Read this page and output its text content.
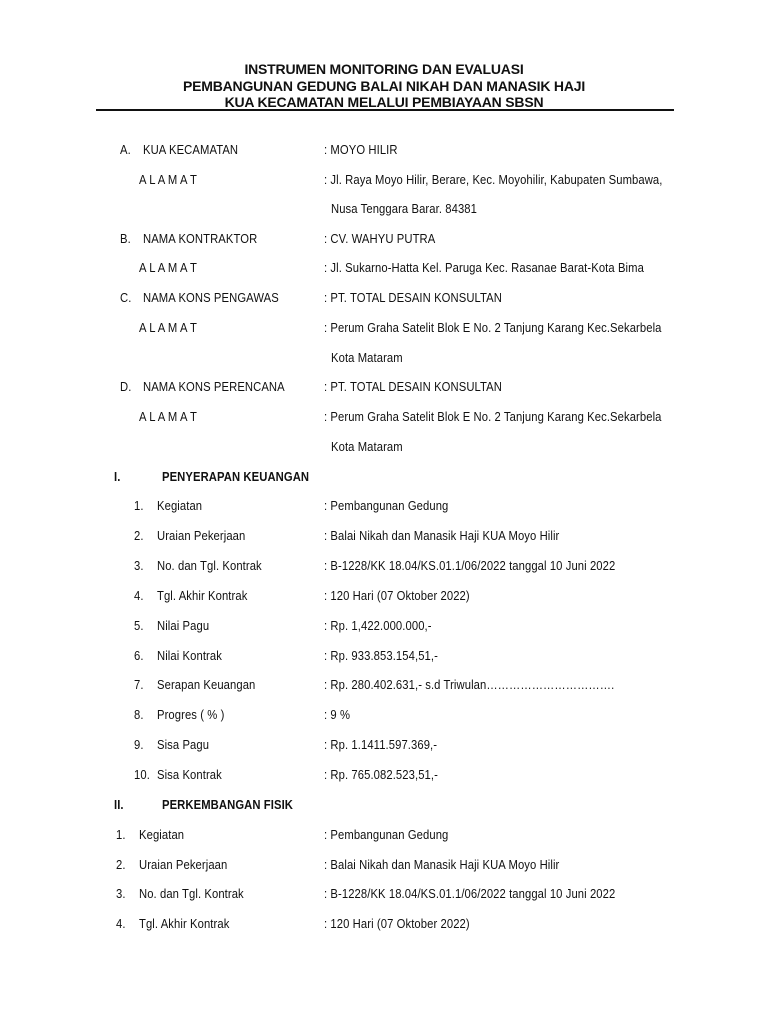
INSTRUMEN MONITORING DAN EVALUASI
PEMBANGUNAN GEDUNG BALAI NIKAH DAN MANASIK HAJI
KUA KECAMATAN MELALUI PEMBIAYAAN SBSN
A. KUA KECAMATAN	: MOYO HILIR
A L A M A T	: Jl. Raya Moyo Hilir, Berare, Kec. Moyohilir, Kabupaten Sumbawa,
Nusa Tenggara Barar. 84381
B. NAMA KONTRAKTOR	: CV. WAHYU PUTRA
A L A M A T	: Jl. Sukarno-Hatta Kel. Paruga Kec. Rasanae Barat-Kota Bima
C. NAMA KONS PENGAWAS	: PT. TOTAL DESAIN KONSULTAN
A L A M A T	: Perum Graha Satelit Blok E No. 2 Tanjung Karang Kec.Sekarbela
Kota Mataram
D. NAMA KONS PERENCANA	: PT. TOTAL DESAIN KONSULTAN
A L A M A T	: Perum Graha Satelit Blok E No. 2 Tanjung Karang Kec.Sekarbela
Kota Mataram
I.	PENYERAPAN KEUANGAN
1. Kegiatan	: Pembangunan Gedung
2. Uraian Pekerjaan	: Balai Nikah dan Manasik Haji KUA Moyo Hilir
3. No. dan Tgl. Kontrak	: B-1228/KK 18.04/KS.01.1/06/2022 tanggal 10 Juni 2022
4. Tgl. Akhir Kontrak	: 120 Hari (07 Oktober 2022)
5. Nilai Pagu	: Rp. 1,422.000.000,-
6. Nilai Kontrak	: Rp. 933.853.154,51,-
7. Serapan Keuangan	: Rp. 280.402.631,- s.d Triwulan…………………………….
8. Progres ( % )	: 9 %
9. Sisa Pagu	: Rp. 1.1411.597.369,-
10. Sisa Kontrak	: Rp. 765.082.523,51,-
II.	PERKEMBANGAN FISIK
1. Kegiatan	: Pembangunan Gedung
2. Uraian Pekerjaan	: Balai Nikah dan Manasik Haji KUA Moyo Hilir
3. No. dan Tgl. Kontrak	: B-1228/KK 18.04/KS.01.1/06/2022 tanggal 10 Juni 2022
4. Tgl. Akhir Kontrak	: 120 Hari (07 Oktober 2022)
